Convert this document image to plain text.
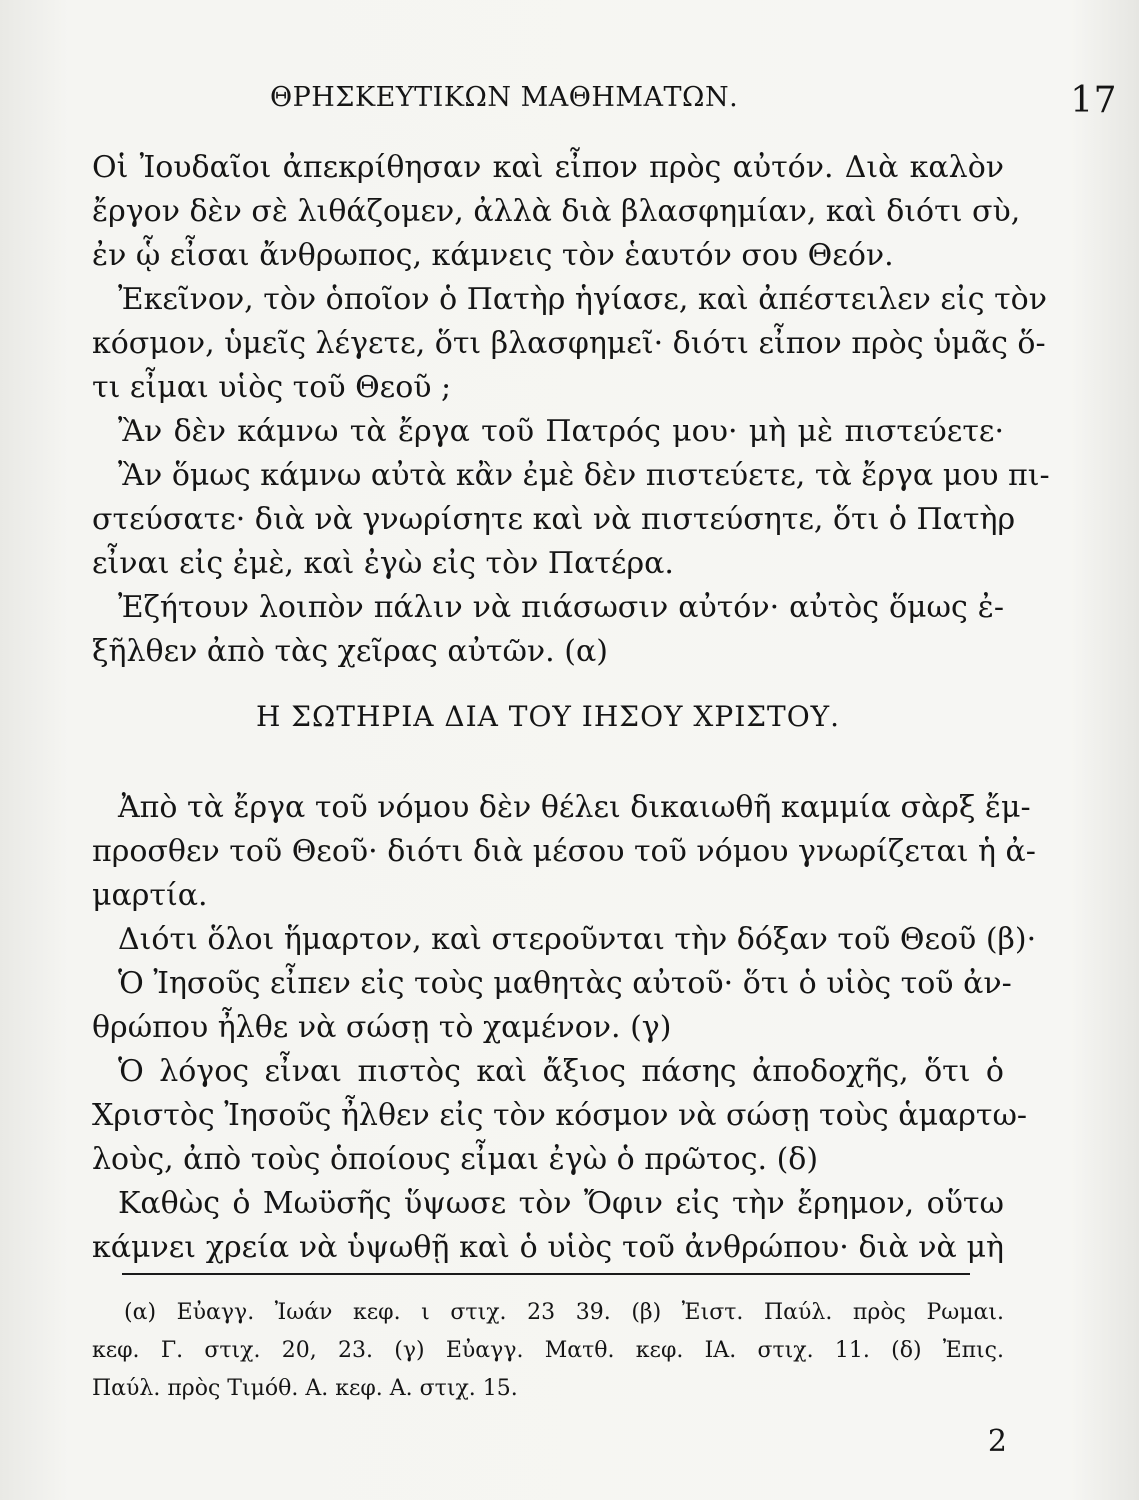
ΘΡΗΣΚΕΥΤΙΚΩΝ ΜΑΘΗΜΑΤΩΝ.	17
Οἱ Ἰουδαῖοι ἀπεκρίθησαν καὶ εἶπον πρὸς αὐτόν. Διὰ καλὸν
ἔργον δὲν σὲ λιθάζομεν, ἀλλὰ διὰ βλασφημίαν, καὶ διότι σὺ,
ἐν ᾧ εἶσαι ἄνθρωπος, κάμνεις τὸν ἑαυτόν σου Θεόν.
Ἐκεῖνον, τὸν ὁποῖον ὁ Πατὴρ ἡγίασε, καὶ ἀπέστειλεν εἰς τὸν
κόσμον, ὑμεῖς λέγετε, ὅτι βλασφημεῖ· διότι εἶπον πρὸς ὑμᾶς ὅ-
τι εἶμαι υἱὸς τοῦ Θεοῦ ;
Ἂν δὲν κάμνω τὰ ἔργα τοῦ Πατρός μου· μὴ μὲ πιστεύετε·
Ἂν ὅμως κάμνω αὐτὰ κἂν ἐμὲ δὲν πιστεύετε, τὰ ἔργα μου πι-
στεύσατε· διὰ νὰ γνωρίσητε καὶ νὰ πιστεύσητε, ὅτι ὁ Πατὴρ
εἶναι εἰς ἐμὲ, καὶ ἐγὼ εἰς τὸν Πατέρα.
Ἐζήτουν λοιπὸν πάλιν νὰ πιάσωσιν αὐτόν· αὐτὸς ὅμως ἐ-
ξῆλθεν ἀπὸ τὰς χεῖρας αὐτῶν. (α)
Η ΣΩΤΗΡΙΑ ΔΙΑ ΤΟΥ ΙΗΣΟΥ ΧΡΙΣΤΟΥ.
Ἀπὸ τὰ ἔργα τοῦ νόμου δὲν θέλει δικαιωθῆ καμμία σὰρξ ἔμ-
προσθεν τοῦ Θεοῦ· διότι διὰ μέσου τοῦ νόμου γνωρίζεται ἡ ἀ-
μαρτία.
Διότι ὅλοι ἥμαρτον, καὶ στεροῦνται τὴν δόξαν τοῦ Θεοῦ (β)·
Ὁ Ἰησοῦς εἶπεν εἰς τοὺς μαθητὰς αὐτοῦ· ὅτι ὁ υἱὸς τοῦ ἀν-
θρώπου ἦλθε νὰ σώσῃ τὸ χαμένον. (γ)
Ὁ λόγος εἶναι πιστὸς καὶ ἄξιος πάσης ἀποδοχῆς, ὅτι ὁ
Χριστὸς Ἰησοῦς ἦλθεν εἰς τὸν κόσμον νὰ σώσῃ τοὺς ἁμαρτω-
λοὺς, ἀπὸ τοὺς ὁποίους εἶμαι ἐγὼ ὁ πρῶτος. (δ)
Καθὼς ὁ Μωϋσῆς ὕψωσε τὸν Ὄφιν εἰς τὴν ἔρημον, οὕτω
κάμνει χρεία νὰ ὑψωθῇ καὶ ὁ υἱὸς τοῦ ἀνθρώπου· διὰ νὰ μὴ
(α) Εὐαγγ. Ἰωάν κεφ. ι στιχ. 23 39. (β) Ἐιστ. Παύλ. πρὸς Ρωμαι.
κεφ. Γ. στιχ. 20, 23. (γ) Εὐαγγ. Ματθ. κεφ. ΙΑ. στιχ. 11. (δ) Ἐπις.
Παύλ. πρὸς Τιμόθ. Α. κεφ. Α. στιχ. 15.
2
